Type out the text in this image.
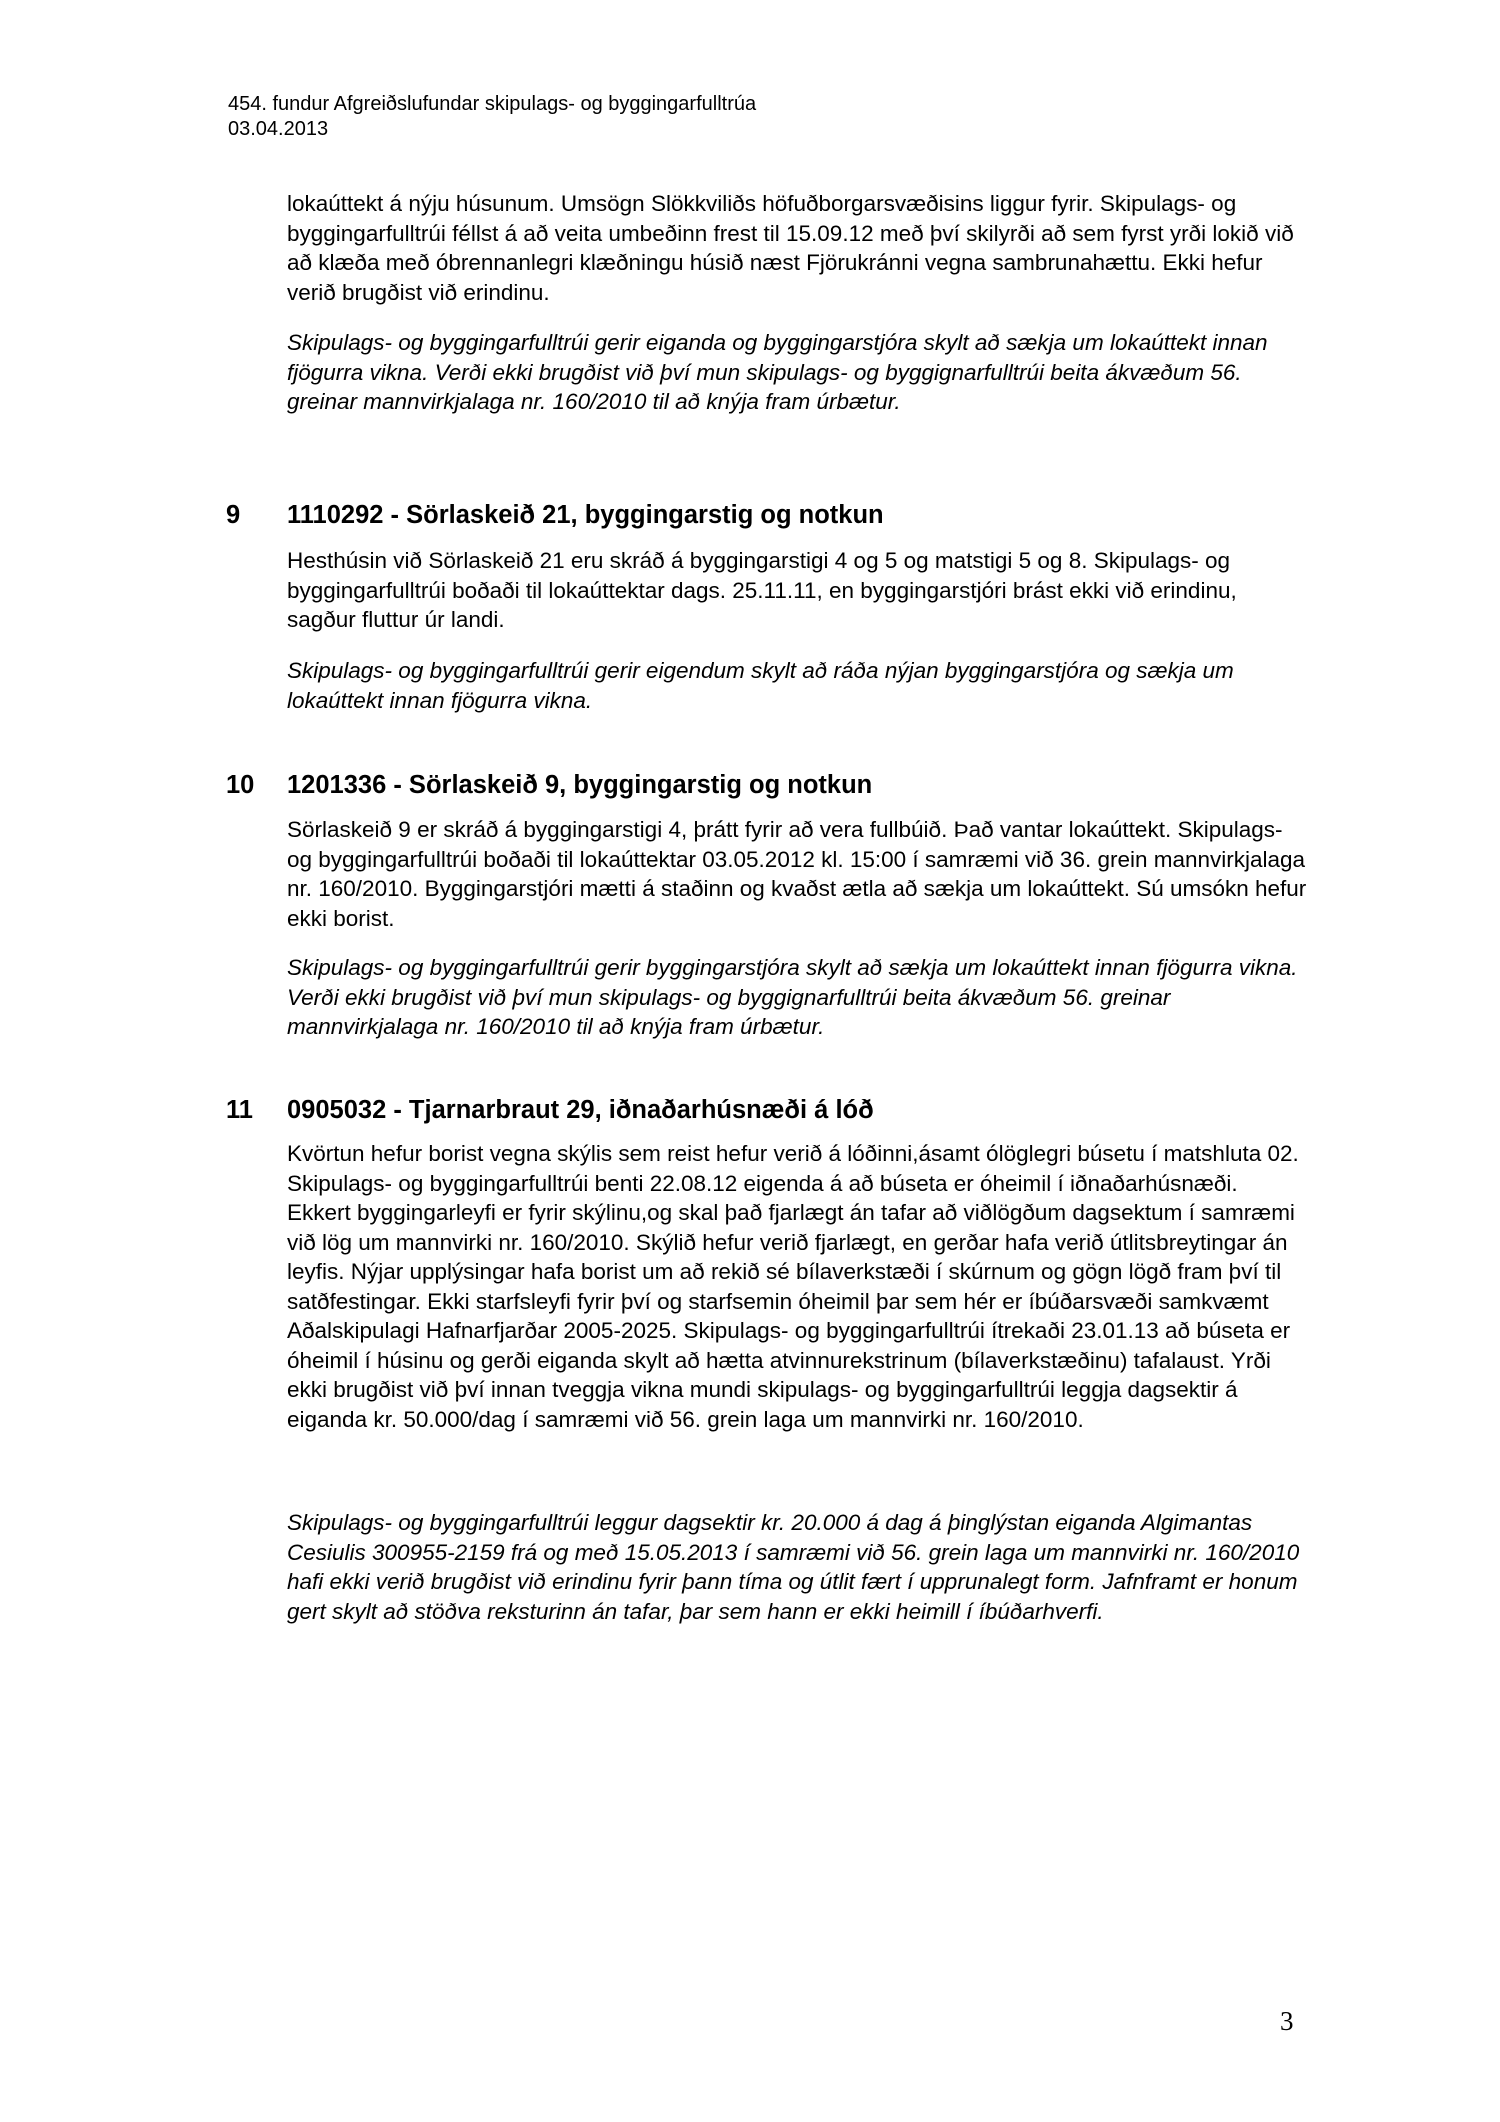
454. fundur Afgreiðslufundar skipulags- og byggingarfulltrúa
03.04.2013

lokaúttekt á nýju húsunum. Umsögn Slökkviliðs höfuðborgarsvæðisins liggur fyrir. Skipulags- og byggingarfulltrúi féllst á að veita umbeðinn frest til 15.09.12 með því skilyrði að sem fyrst yrði lokið við að klæða með óbrennanlegri klæðningu húsið næst Fjörukránni vegna sambrunahættu. Ekki hefur verið brugðist við erindinu.

Skipulags- og byggingarfulltrúi gerir eiganda og byggingarstjóra skylt að sækja um lokaúttekt innan fjögurra vikna. Verði ekki brugðist við því mun skipulags- og byggignarfulltrúi beita ákvæðum 56. greinar mannvirkjalaga nr. 160/2010 til að knýja fram úrbætur.

9 1110292 - Sörlaskeið 21, byggingarstig og notkun

Hesthúsin við Sörlaskeið 21 eru skráð á byggingarstigi 4 og 5 og matstigi 5 og 8. Skipulags- og byggingarfulltrúi boðaði til lokaúttektar dags. 25.11.11, en byggingarstjóri brást ekki við erindinu, sagður fluttur úr landi.

Skipulags- og byggingarfulltrúi gerir eigendum skylt að ráða nýjan byggingarstjóra og sækja um lokaúttekt innan fjögurra vikna.

10 1201336 - Sörlaskeið 9, byggingarstig og notkun

Sörlaskeið 9 er skráð á byggingarstigi 4, þrátt fyrir að vera fullbúið. Það vantar lokaúttekt. Skipulags- og byggingarfulltrúi boðaði til lokaúttektar 03.05.2012 kl. 15:00 í samræmi við 36. grein mannvirkjalaga nr. 160/2010. Byggingarstjóri mætti á staðinn og kvaðst ætla að sækja um lokaúttekt. Sú umsókn hefur ekki borist.

Skipulags- og byggingarfulltrúi gerir byggingarstjóra skylt að sækja um lokaúttekt innan fjögurra vikna. Verði ekki brugðist við því mun skipulags- og byggignarfulltrúi beita ákvæðum 56. greinar mannvirkjalaga nr. 160/2010 til að knýja fram úrbætur.

11 0905032 - Tjarnarbraut 29, iðnaðarhúsnæði á lóð

Kvörtun hefur borist vegna skýlis sem reist hefur verið á lóðinni,ásamt ólöglegri búsetu í matshluta 02. Skipulags- og byggingarfulltrúi benti 22.08.12 eigenda á að búseta er óheimil í iðnaðarhúsnæði. Ekkert byggingarleyfi er fyrir skýlinu,og skal það fjarlægt án tafar að viðlögðum dagsektum í samræmi við lög um mannvirki nr. 160/2010. Skýlið hefur verið fjarlægt, en gerðar hafa verið útlitsbreytingar án leyfis. Nýjar upplýsingar hafa borist um að rekið sé bílaverkstæði í skúrnum og gögn lögð fram því til satðfestingar. Ekki starfsleyfi fyrir því og starfsemin óheimil þar sem hér er íbúðarsvæði samkvæmt Aðalskipulagi Hafnarfjarðar 2005-2025. Skipulags- og byggingarfulltrúi ítrekaði 23.01.13 að búseta er óheimil í húsinu og gerði eiganda skylt að hætta atvinnurekstrinum (bílaverkstæðinu) tafalaust. Yrði ekki brugðist við því innan tveggja vikna mundi skipulags- og byggingarfulltrúi leggja dagsektir á eiganda kr. 50.000/dag í samræmi við 56. grein laga um mannvirki nr. 160/2010.

Skipulags- og byggingarfulltrúi leggur dagsektir kr. 20.000 á dag á þinglýstan eiganda Algimantas Cesiulis 300955-2159 frá og með 15.05.2013 í samræmi við 56. grein laga um mannvirki nr. 160/2010 hafi ekki verið brugðist við erindinu fyrir þann tíma og útlit fært í upprunalegt form. Jafnframt er honum gert skylt að stöðva reksturinn án tafar, þar sem hann er ekki heimill í íbúðarhverfi.

3
